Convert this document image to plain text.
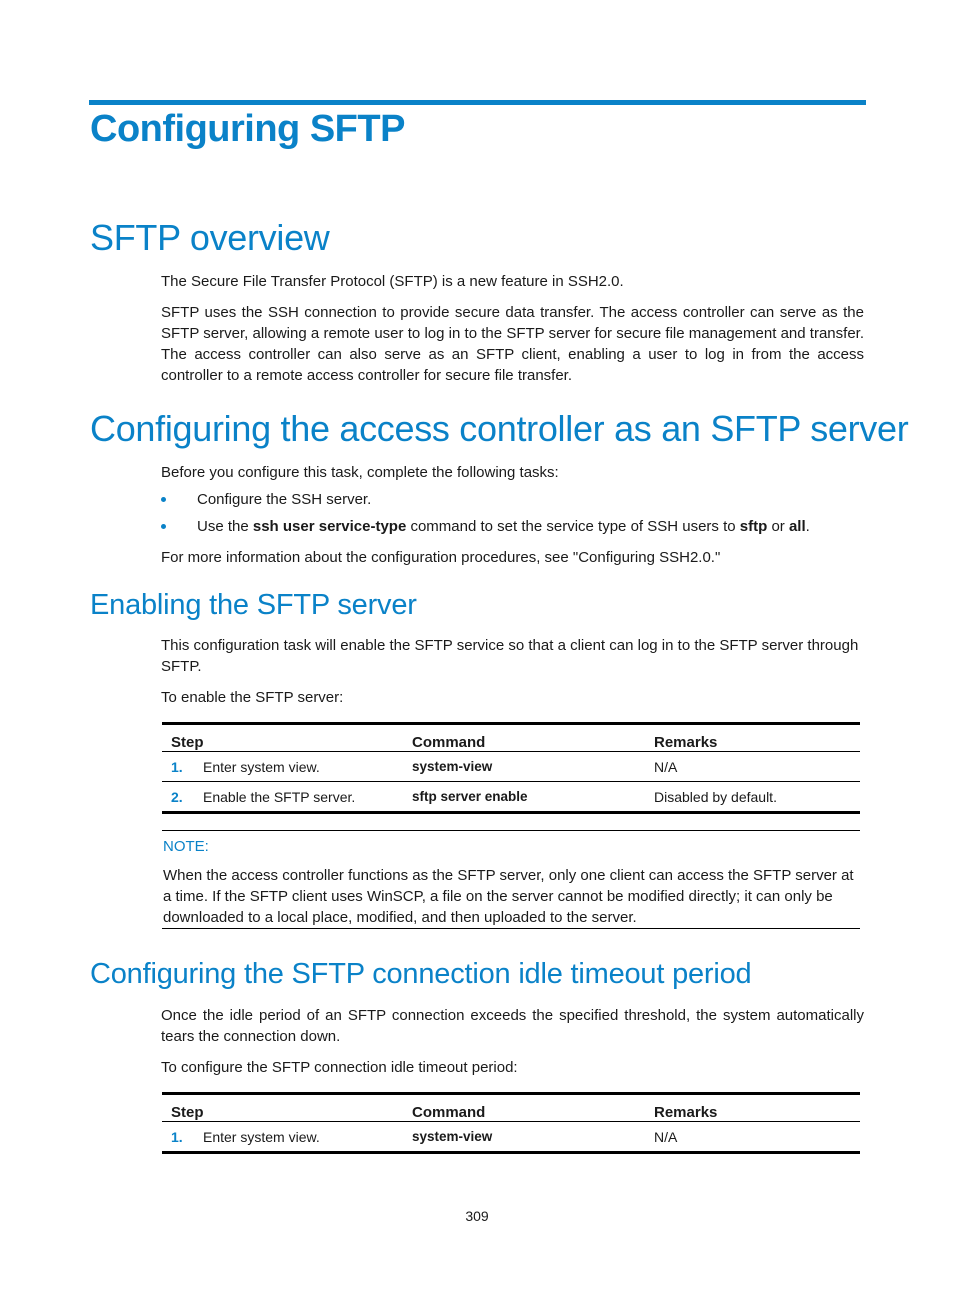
Configuring SFTP
SFTP overview
The Secure File Transfer Protocol (SFTP) is a new feature in SSH2.0.
SFTP uses the SSH connection to provide secure data transfer. The access controller can serve as the SFTP server, allowing a remote user to log in to the SFTP server for secure file management and transfer. The access controller can also serve as an SFTP client, enabling a user to log in from the access controller to a remote access controller for secure file transfer.
Configuring the access controller as an SFTP server
Before you configure this task, complete the following tasks:
Configure the SSH server.
Use the ssh user service-type command to set the service type of SSH users to sftp or all.
For more information about the configuration procedures, see "Configuring SSH2.0."
Enabling the SFTP server
This configuration task will enable the SFTP service so that a client can log in to the SFTP server through SFTP.
To enable the SFTP server:
Step	Command	Remarks
1. Enter system view.	system-view	N/A
2. Enable the SFTP server.	sftp server enable	Disabled by default.
NOTE:
When the access controller functions as the SFTP server, only one client can access the SFTP server at a time. If the SFTP client uses WinSCP, a file on the server cannot be modified directly; it can only be downloaded to a local place, modified, and then uploaded to the server.
Configuring the SFTP connection idle timeout period
Once the idle period of an SFTP connection exceeds the specified threshold, the system automatically tears the connection down.
To configure the SFTP connection idle timeout period:
Step	Command	Remarks
1. Enter system view.	system-view	N/A
309
